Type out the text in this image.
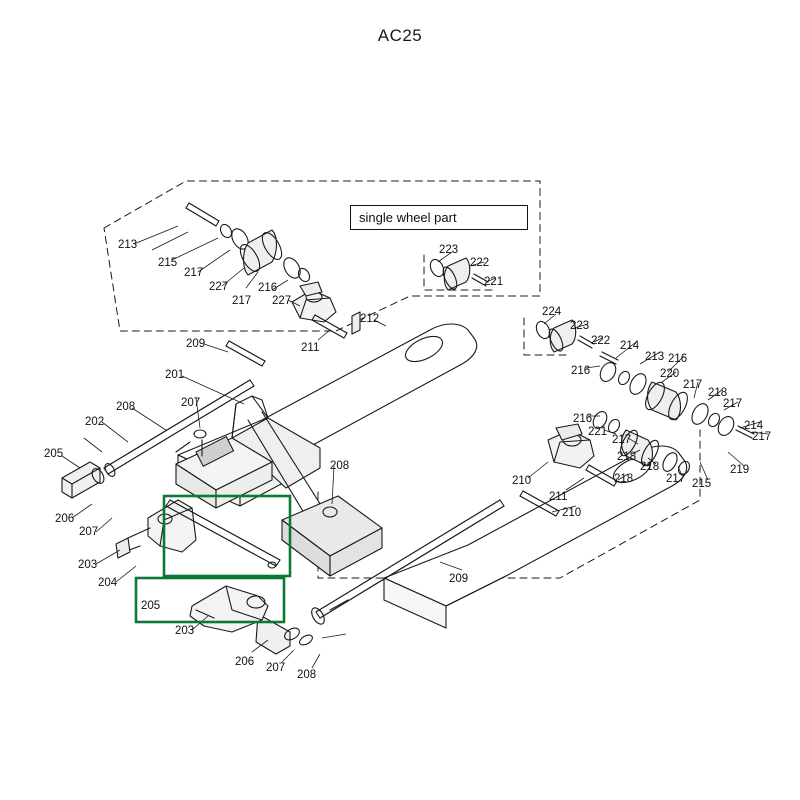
AC25
single wheel part
213
215
217
227
217
216
227
211
212
223
222
221
224
223
222 214
213 216
220
217
218
217
214
217
219
216
216
221
217
218
218
217 215
210
211
218
210
209
209
201
208	207
202
205
206
207
203
204
205
203
208
206 207
208
